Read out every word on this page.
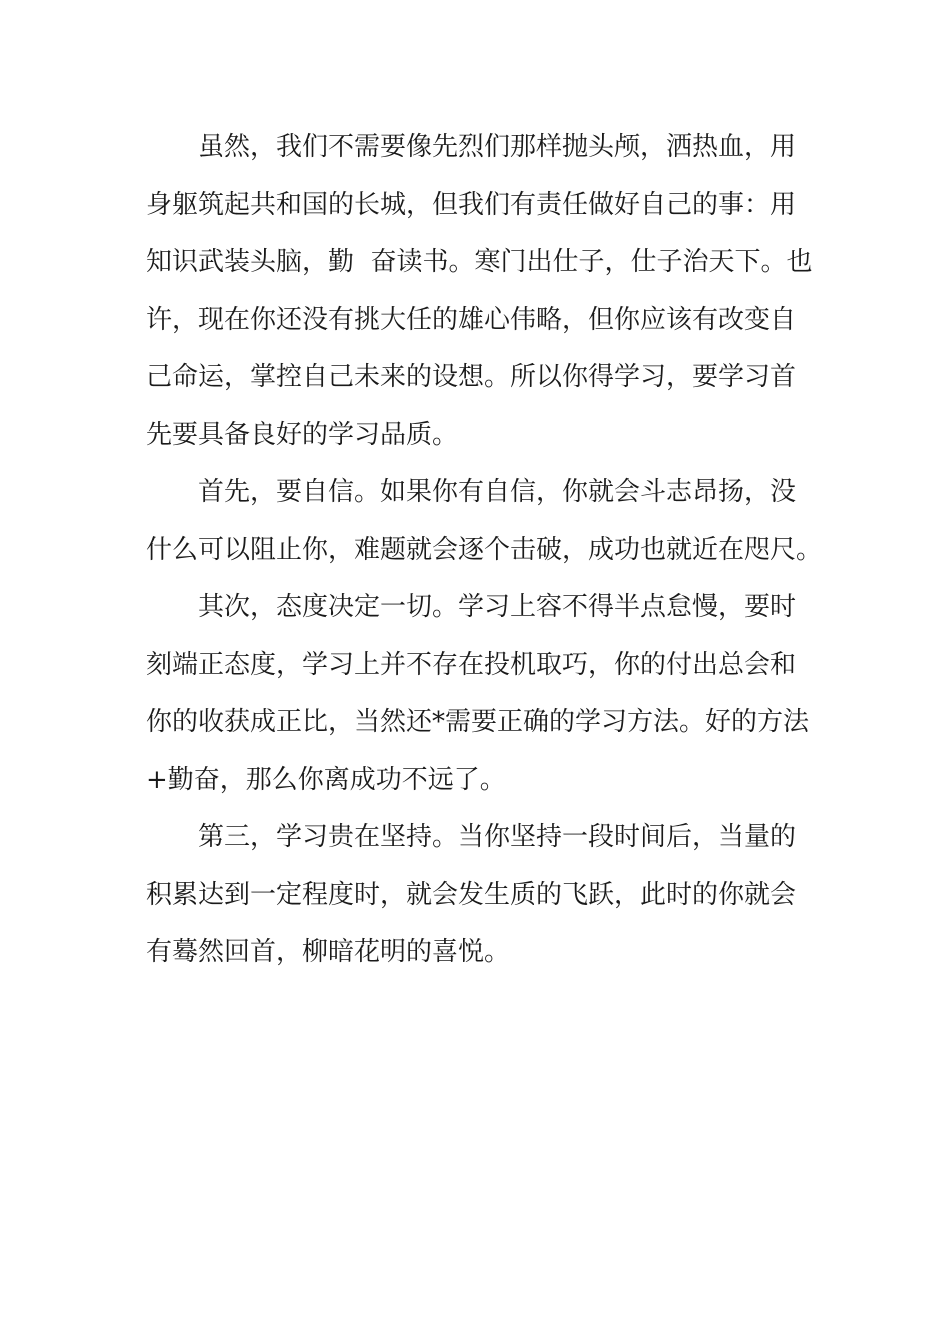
　　虽然，我们不需要像先烈们那样抛头颅，洒热血，用
身躯筑起共和国的长城，但我们有责任做好自己的事：用
知识武装头脑，勤  奋读书。寒门出仕子，仕子治天下。也
许，现在你还没有挑大任的雄心伟略，但你应该有改变自
己命运，掌控自己未来的设想。所以你得学习，要学习首
先要具备良好的学习品质。
　　首先，要自信。如果你有自信，你就会斗志昂扬，没
什么可以阻止你，难题就会逐个击破，成功也就近在咫尺。
　　其次，态度决定一切。学习上容不得半点怠慢，要时
刻端正态度，学习上并不存在投机取巧，你的付出总会和
你的收获成正比，当然还*需要正确的学习方法。好的方法
+勤奋，那么你离成功不远了。
　　第三，学习贵在坚持。当你坚持一段时间后，当量的
积累达到一定程度时，就会发生质的飞跃，此时的你就会
有蓦然回首，柳暗花明的喜悦。
